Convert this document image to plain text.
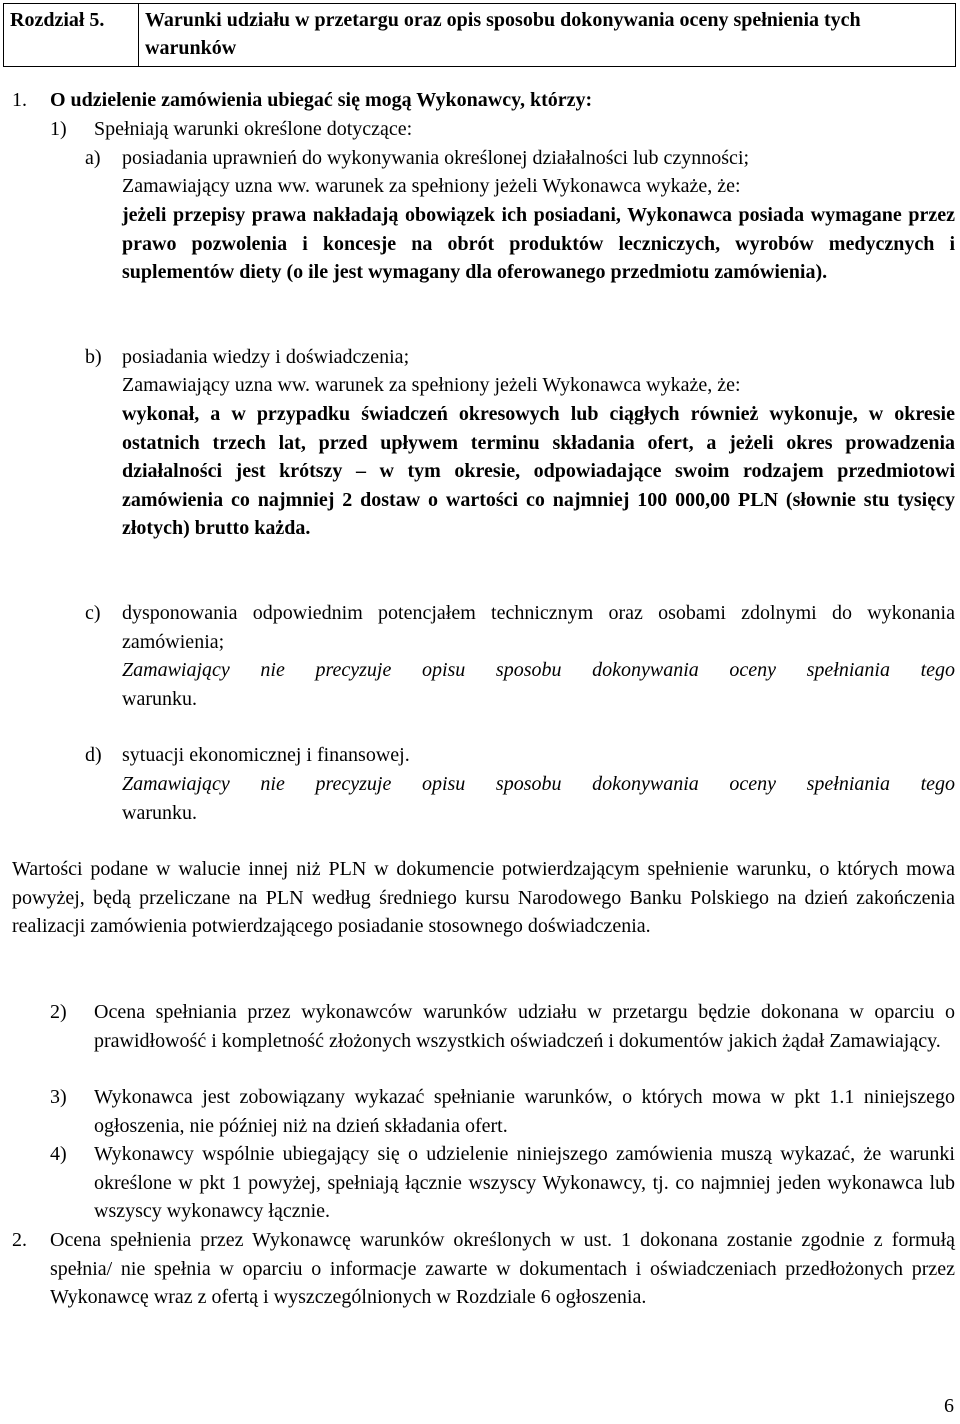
Rozdział 5.	Warunki udziału w przetargu oraz opis sposobu dokonywania oceny spełnienia tych warunków
1. O udzielenie zamówienia ubiegać się mogą Wykonawcy, którzy:
1) Spełniają warunki określone dotyczące:
a) posiadania uprawnień do wykonywania określonej działalności lub czynności;
Zamawiający uzna ww. warunek za spełniony jeżeli Wykonawca wykaże, że:
jeżeli przepisy prawa nakładają obowiązek ich posiadani, Wykonawca posiada wymagane przez prawo pozwolenia i koncesje na obrót produktów leczniczych, wyrobów medycznych i suplementów diety (o ile jest wymagany dla oferowanego przedmiotu zamówienia).
b) posiadania wiedzy i doświadczenia;
Zamawiający uzna ww. warunek za spełniony jeżeli Wykonawca wykaże, że:
wykonał, a w przypadku świadczeń okresowych lub ciągłych również wykonuje, w okresie ostatnich trzech lat, przed upływem terminu składania ofert, a jeżeli okres prowadzenia działalności jest krótszy – w tym okresie, odpowiadające swoim rodzajem przedmiotowi zamówienia co najmniej 2 dostaw o wartości co najmniej 100 000,00 PLN (słownie stu tysięcy złotych) brutto każda.
c) dysponowania odpowiednim potencjałem technicznym oraz osobami zdolnymi do wykonania zamówienia;
Zamawiający nie precyzuje opisu sposobu dokonywania oceny spełniania tego
warunku.
d) sytuacji ekonomicznej i finansowej.
Zamawiający nie precyzuje opisu sposobu dokonywania oceny spełniania tego
warunku.
Wartości podane w walucie innej niż PLN w dokumencie potwierdzającym spełnienie warunku, o których mowa powyżej, będą przeliczane na PLN według średniego kursu Narodowego Banku Polskiego na dzień zakończenia realizacji zamówienia potwierdzającego posiadanie stosownego doświadczenia.
2) Ocena spełniania przez wykonawców warunków udziału w przetargu będzie dokonana w oparciu o prawidłowość i kompletność złożonych wszystkich oświadczeń i dokumentów jakich żądał Zamawiający.
3) Wykonawca jest zobowiązany wykazać spełnianie warunków, o których mowa w pkt 1.1 niniejszego ogłoszenia, nie później niż na dzień składania ofert.
4) Wykonawcy wspólnie ubiegający się o udzielenie niniejszego zamówienia muszą wykazać, że warunki określone w pkt 1 powyżej, spełniają łącznie wszyscy Wykonawcy, tj. co najmniej jeden wykonawca lub wszyscy wykonawcy łącznie.
2. Ocena spełnienia przez Wykonawcę warunków określonych w ust. 1 dokonana zostanie zgodnie z formułą spełnia/ nie spełnia w oparciu o informacje zawarte w dokumentach i oświadczeniach przedłożonych przez Wykonawcę wraz z ofertą i wyszczególnionych w Rozdziale 6 ogłoszenia.
6
